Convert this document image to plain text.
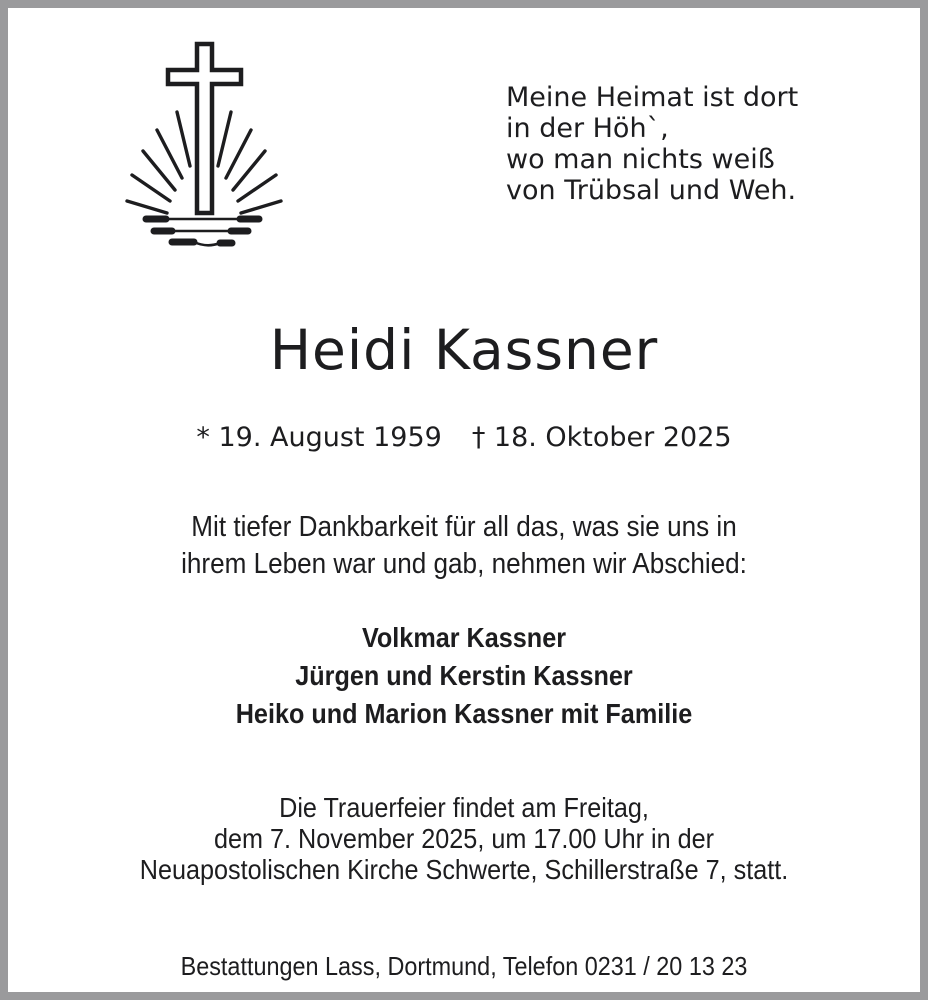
Meine Heimat ist dort
in der Höh`,
wo man nichts weiß
von Trübsal und Weh.
Heidi Kassner
* 19. August 1959 † 18. Oktober 2025
Mit tiefer Dankbarkeit für all das, was sie uns in
ihrem Leben war und gab, nehmen wir Abschied:
Volkmar Kassner
Jürgen und Kerstin Kassner
Heiko und Marion Kassner mit Familie
Die Trauerfeier findet am Freitag,
dem 7. November 2025, um 17.00 Uhr in der
Neuapostolischen Kirche Schwerte, Schillerstraße 7, statt.
Bestattungen Lass, Dortmund, Telefon 0231 / 20 13 23
